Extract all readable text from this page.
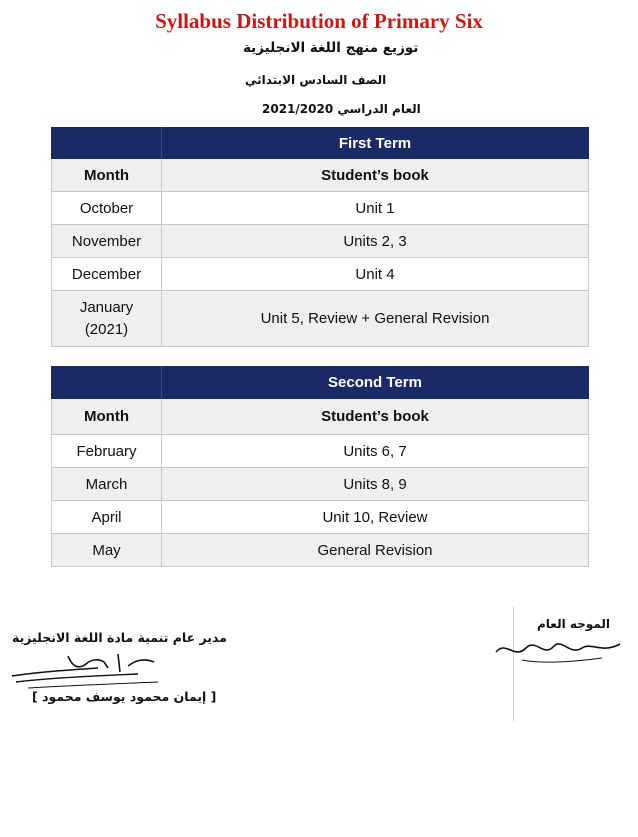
Syllabus Distribution of Primary Six
توزيع منهج اللغة الانجليزية
الصف السادس الابتدائي
العام الدراسي 2021/2020
	First Term
Month	Student’s book
October	Unit 1
November	Units 2, 3
December	Unit 4
January
(2021)	Unit 5, Review + General Revision
	Second Term
Month	Student’s book
February	Units 6, 7
March	Units 8, 9
April	Unit 10, Review
May	General Revision
مدير عام تنمية مادة اللغة الانجليزية
[ إيمان محمود يوسف محمود ]
الموجه العام
